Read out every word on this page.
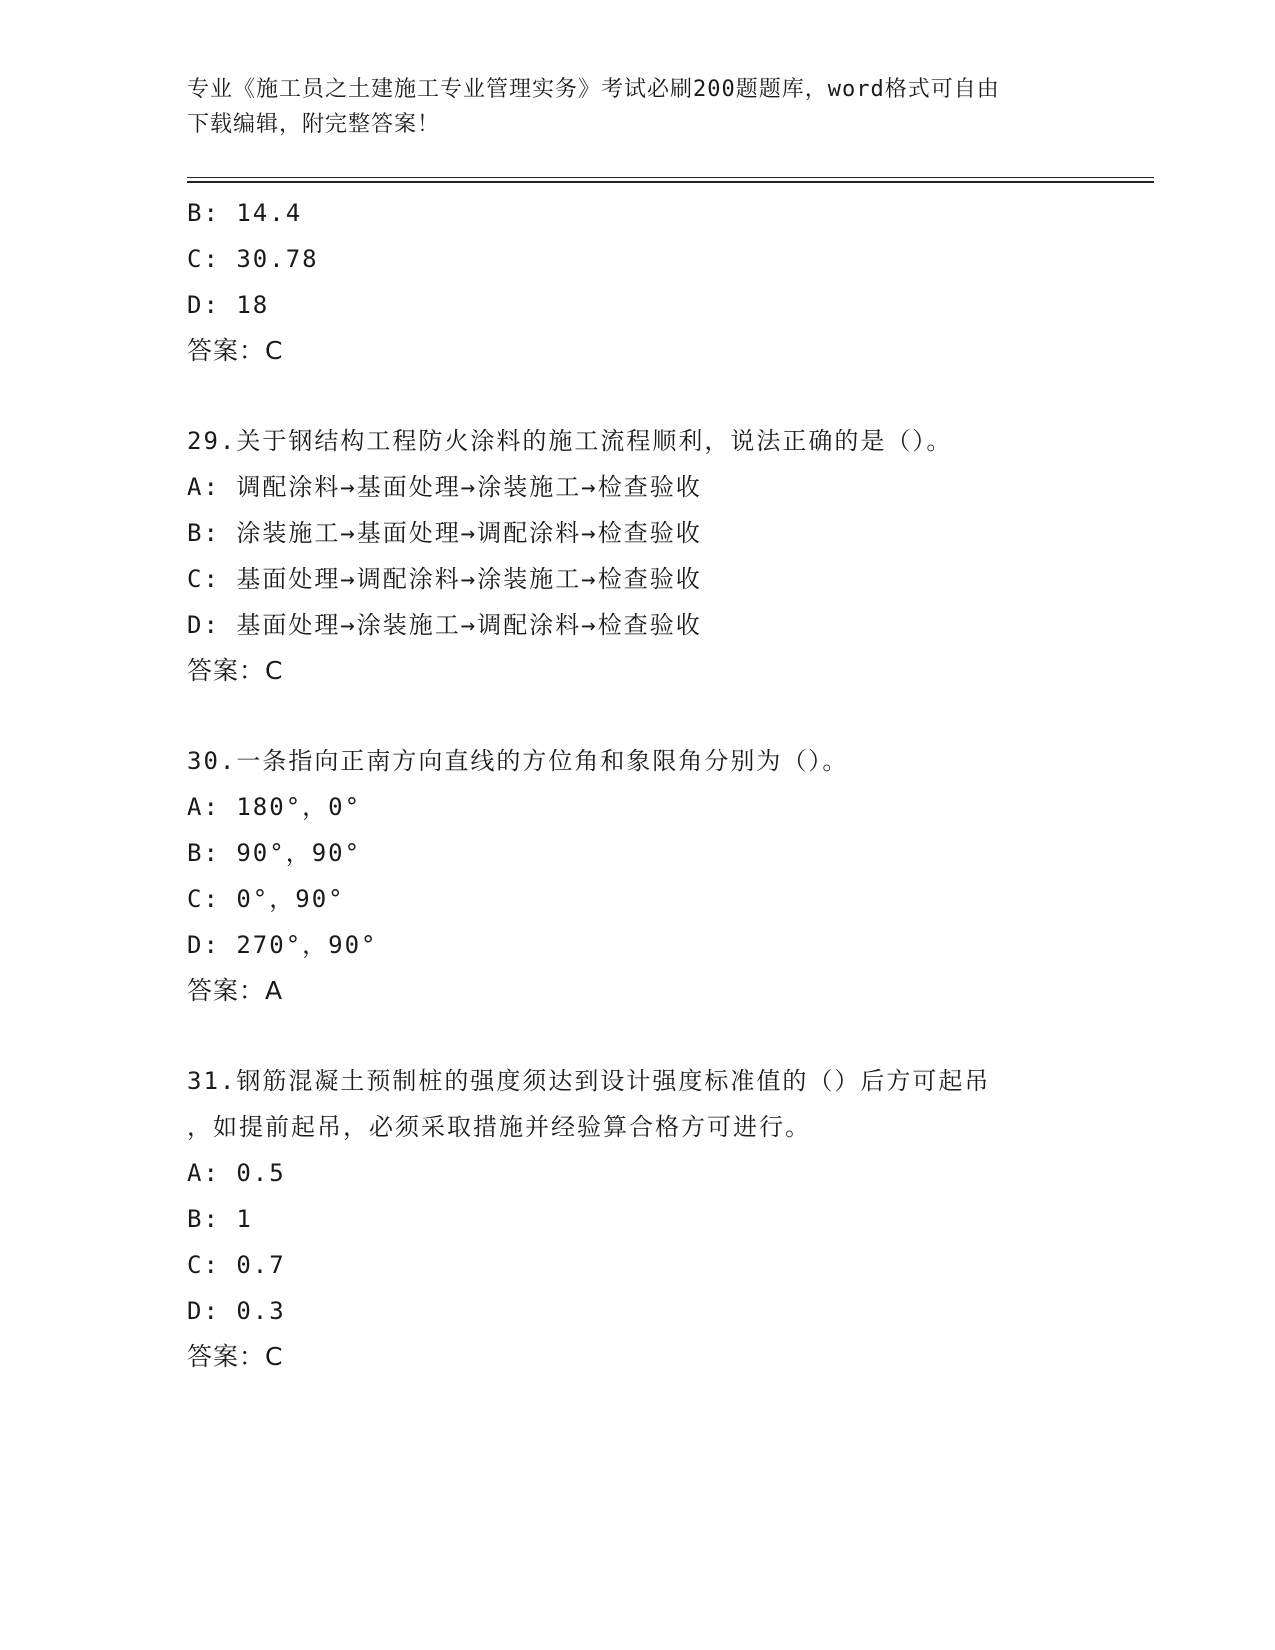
专业《施工员之土建施工专业管理实务》考试必刷200题题库，word格式可自由
下载编辑，附完整答案！
B: 14.4
C: 30.78
D: 18
答案：C
29.关于钢结构工程防火涂料的施工流程顺利，说法正确的是（）。
A: 调配涂料→基面处理→涂装施工→检查验收
B: 涂装施工→基面处理→调配涂料→检查验收
C: 基面处理→调配涂料→涂装施工→检查验收
D: 基面处理→涂装施工→调配涂料→检查验收
答案：C
30.一条指向正南方向直线的方位角和象限角分别为（）。
A: 180°，0°
B: 90°，90°
C: 0°，90°
D: 270°，90°
答案：A
31.钢筋混凝土预制桩的强度须达到设计强度标准值的（）后方可起吊
，如提前起吊，必须采取措施并经验算合格方可进行。
A: 0.5
B: 1
C: 0.7
D: 0.3
答案：C
